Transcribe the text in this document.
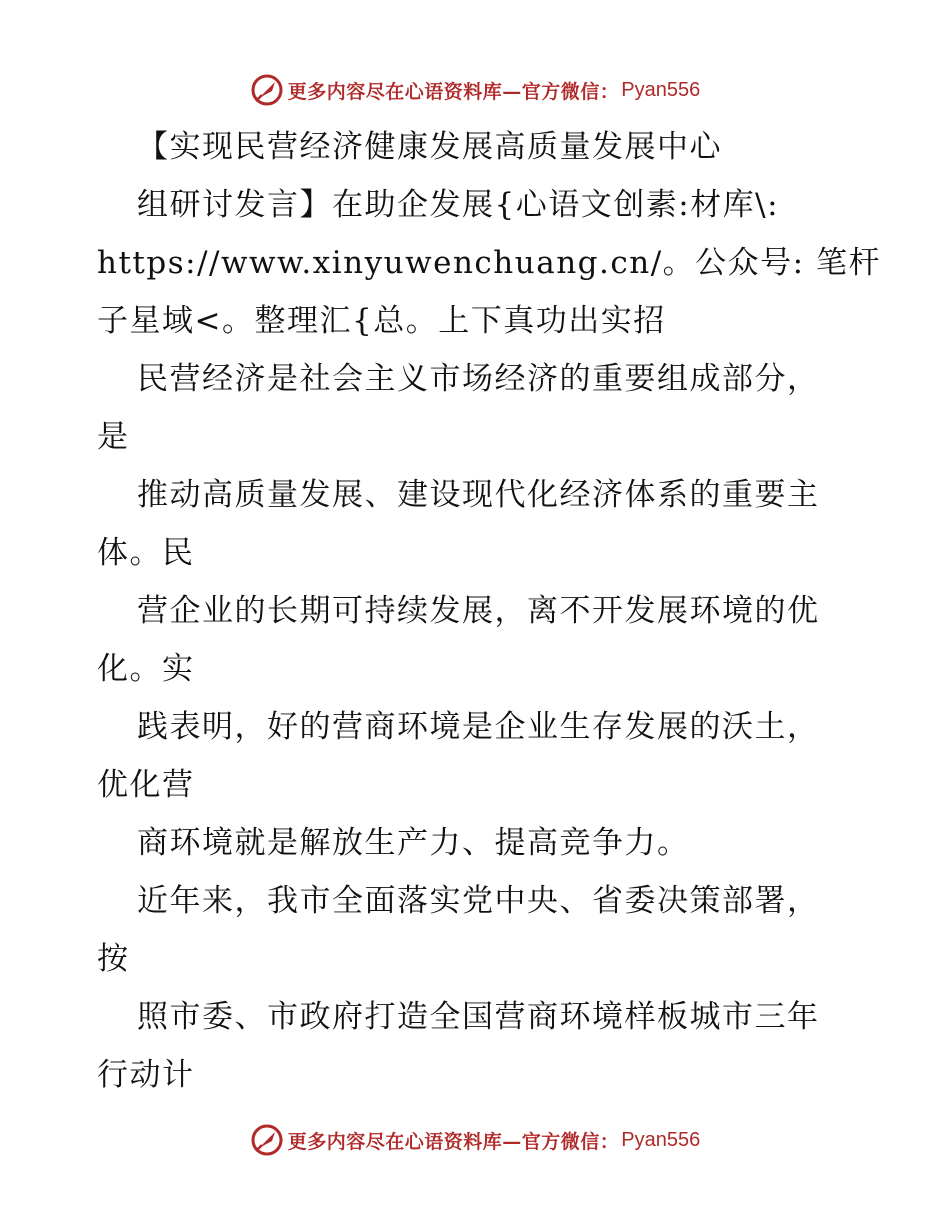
更多内容尽在心语资料库—官方微信： Pyan556
【实现民营经济健康发展高质量发展中心
组研讨发言】在助企发展{心语文创素:材库\:
https://www.xinyuwenchuang.cn/。公众号: 笔杆
子星域<。整理汇{总。上下真功出实招
民营经济是社会主义市场经济的重要组成部分，
是
推动高质量发展、建设现代化经济体系的重要主
体。民
营企业的长期可持续发展，离不开发展环境的优
化。实
践表明，好的营商环境是企业生存发展的沃土，
优化营
商环境就是解放生产力、提高竞争力。
近年来，我市全面落实党中央、省委决策部署，
按
照市委、市政府打造全国营商环境样板城市三年
行动计
更多内容尽在心语资料库—官方微信： Pyan556
